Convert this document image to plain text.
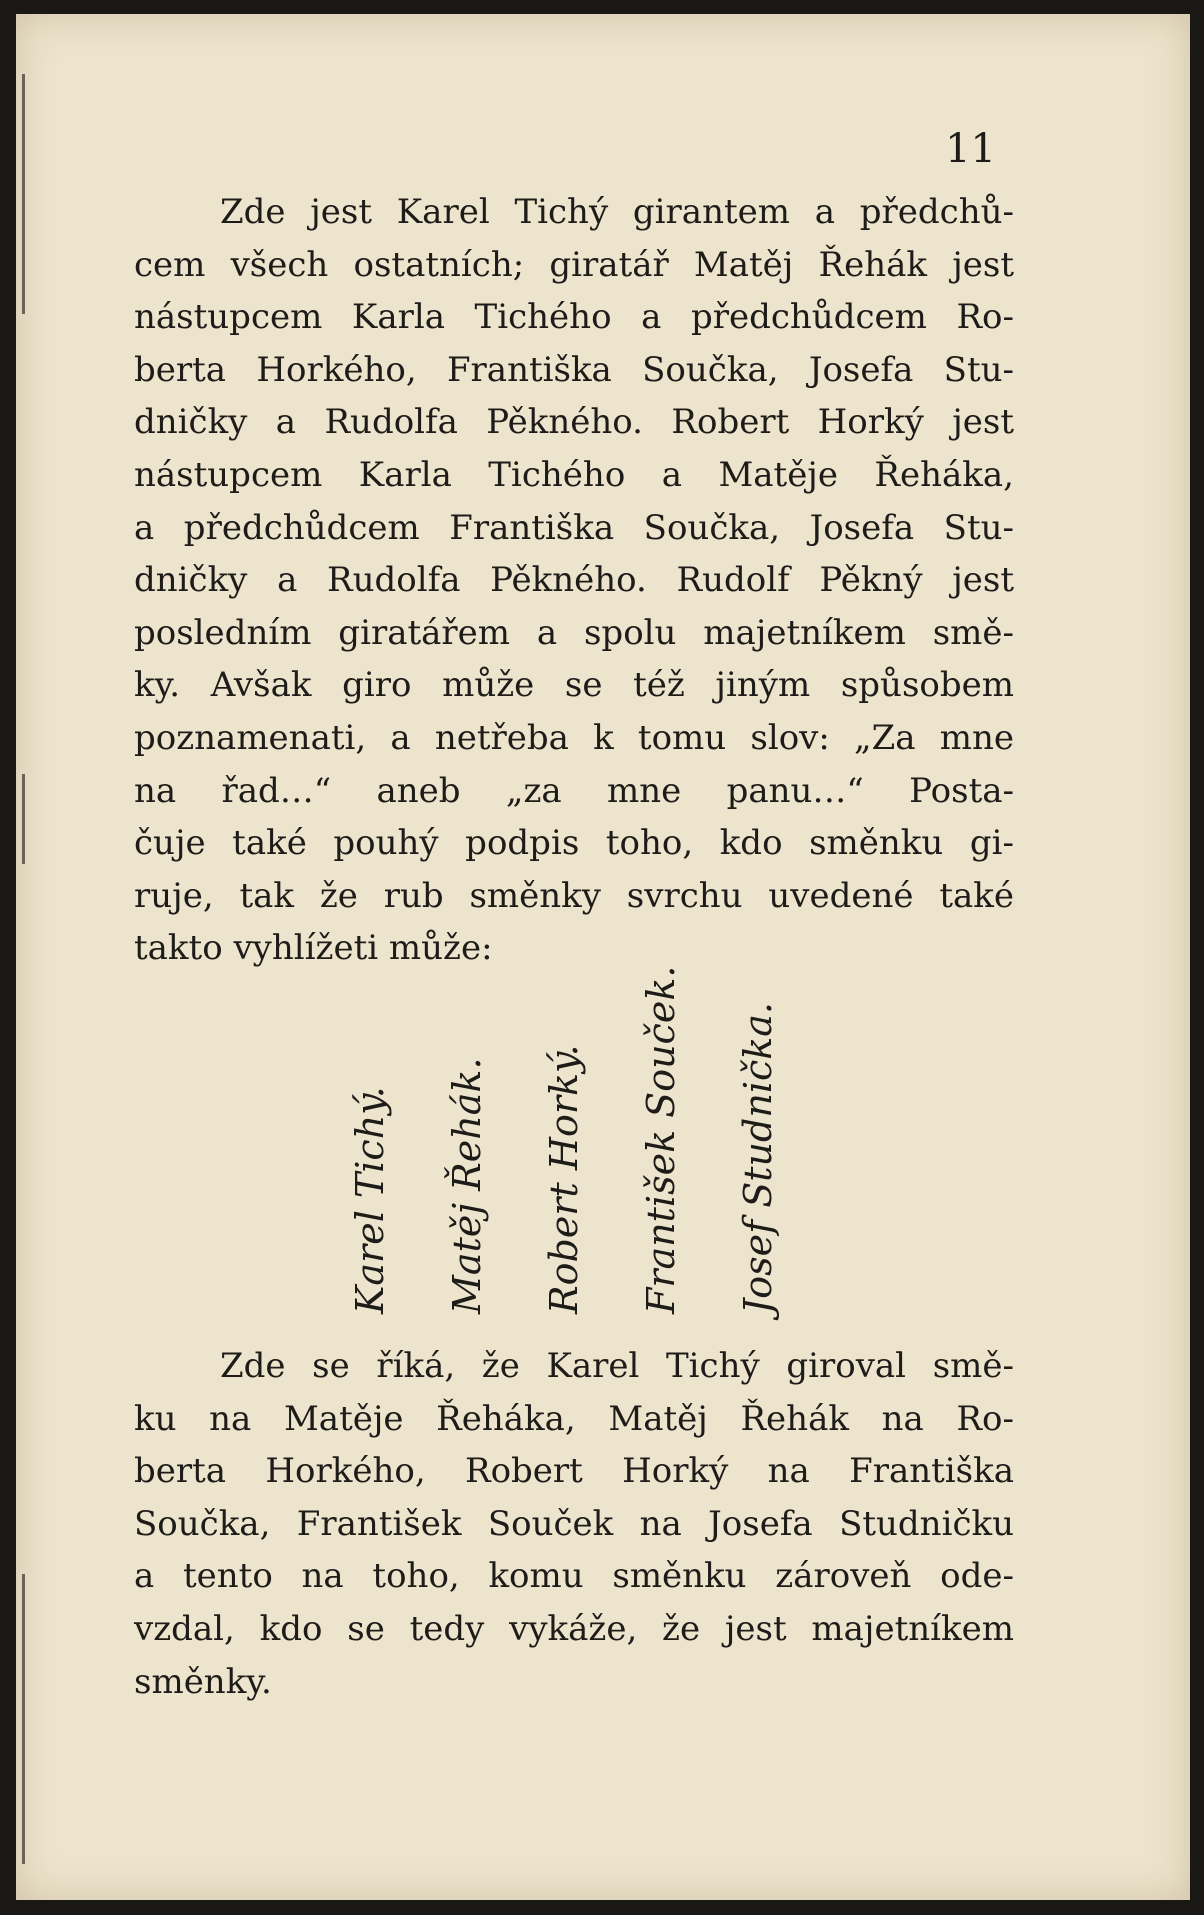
11

Zde jest Karel Tichý girantem a předchů-
cem všech ostatních; giratář Matěj Řehák jest
nástupcem Karla Tichého a předchůdcem Ro-
berta Horkého, Františka Součka, Josefa Stu-
dničky a Rudolfa Pěkného. Robert Horký jest
nástupcem Karla Tichého a Matěje Řeháka,
a předchůdcem Františka Součka, Josefa Stu-
dničky a Rudolfa Pěkného. Rudolf Pěkný jest
posledním giratářem a spolu majetníkem smě-
ky. Avšak giro může se též jiným spůsobem
poznamenati, a netřeba k tomu slov: „Za mne
na řad…“ aneb „za mne panu…“ Posta-
čuje také pouhý podpis toho, kdo směnku gi-
ruje, tak že rub směnky svrchu uvedené také
takto vyhlížeti může:

Karel Tichý. Matěj Řehák. Robert Horký. František Souček. Josef Studnička.

Zde se říká, že Karel Tichý giroval smě-
ku na Matěje Řeháka, Matěj Řehák na Ro-
berta Horkého, Robert Horký na Františka
Součka, František Souček na Josefa Studničku
a tento na toho, komu směnku zároveň ode-
vzdal, kdo se tedy vykáže, že jest majetníkem
směnky.
